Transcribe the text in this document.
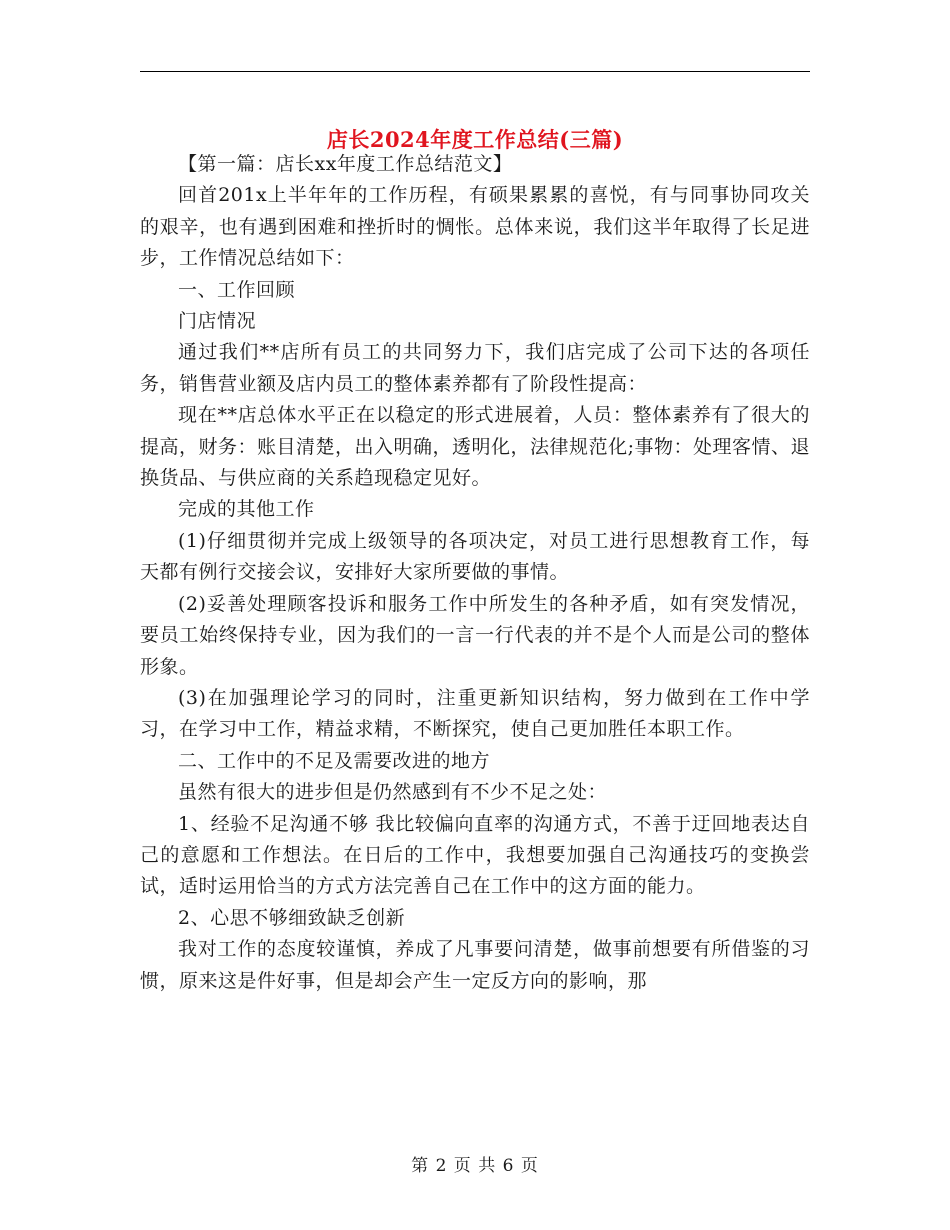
店长2024年度工作总结(三篇)

【第一篇：店长xx年度工作总结范文】

回首201x上半年年的工作历程，有硕果累累的喜悦，有与同事协同攻关的艰辛，也有遇到困难和挫折时的惆怅。总体来说，我们这半年取得了长足进步，工作情况总结如下：

一、工作回顾

门店情况

通过我们**店所有员工的共同努力下，我们店完成了公司下达的各项任务，销售营业额及店内员工的整体素养都有了阶段性提高：

现在**店总体水平正在以稳定的形式进展着，人员：整体素养有了很大的提高，财务：账目清楚，出入明确，透明化，法律规范化;事物：处理客情、退换货品、与供应商的关系趋现稳定见好。

完成的其他工作

(1)仔细贯彻并完成上级领导的各项决定，对员工进行思想教育工作，每天都有例行交接会议，安排好大家所要做的事情。

(2)妥善处理顾客投诉和服务工作中所发生的各种矛盾，如有突发情况，要员工始终保持专业，因为我们的一言一行代表的并不是个人而是公司的整体形象。

(3)在加强理论学习的同时，注重更新知识结构，努力做到在工作中学习，在学习中工作，精益求精，不断探究，使自己更加胜任本职工作。

二、工作中的不足及需要改进的地方

虽然有很大的进步但是仍然感到有不少不足之处：

1、经验不足沟通不够 我比较偏向直率的沟通方式，不善于迂回地表达自己的意愿和工作想法。在日后的工作中，我想要加强自己沟通技巧的变换尝试，适时运用恰当的方式方法完善自己在工作中的这方面的能力。

2、心思不够细致缺乏创新

我对工作的态度较谨慎，养成了凡事要问清楚，做事前想要有所借鉴的习惯，原来这是件好事，但是却会产生一定反方向的影响，那

第 2 页 共 6 页
